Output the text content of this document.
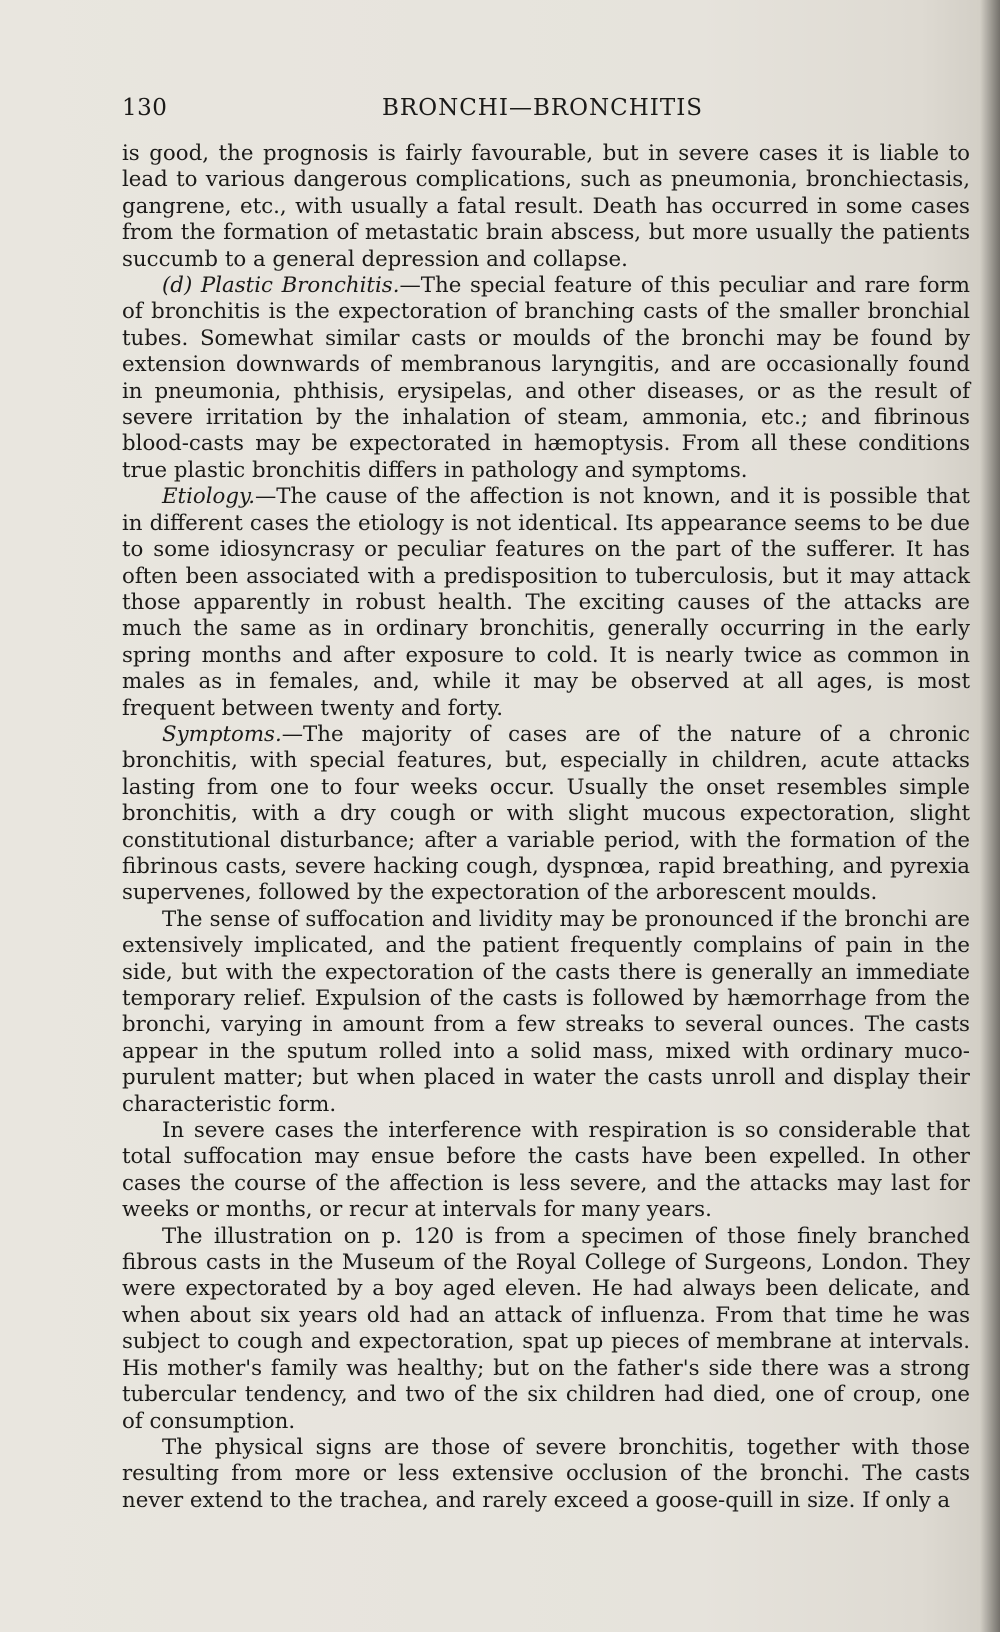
130	BRONCHI—BRONCHITIS

is good, the prognosis is fairly favourable, but in severe cases it is liable to lead to various dangerous complications, such as pneumonia, bronchiectasis, gangrene, etc., with usually a fatal result. Death has occurred in some cases from the formation of metastatic brain abscess, but more usually the patients succumb to a general depression and collapse.

(d) Plastic Bronchitis.—The special feature of this peculiar and rare form of bronchitis is the expectoration of branching casts of the smaller bronchial tubes. Somewhat similar casts or moulds of the bronchi may be found by extension downwards of membranous laryngitis, and are occasionally found in pneumonia, phthisis, erysipelas, and other diseases, or as the result of severe irritation by the inhalation of steam, ammonia, etc.; and fibrinous blood-casts may be expectorated in hæmoptysis. From all these conditions true plastic bronchitis differs in pathology and symptoms.

Etiology.—The cause of the affection is not known, and it is possible that in different cases the etiology is not identical. Its appearance seems to be due to some idiosyncrasy or peculiar features on the part of the sufferer. It has often been associated with a predisposition to tuberculosis, but it may attack those apparently in robust health. The exciting causes of the attacks are much the same as in ordinary bronchitis, generally occurring in the early spring months and after exposure to cold. It is nearly twice as common in males as in females, and, while it may be observed at all ages, is most frequent between twenty and forty.

Symptoms.—The majority of cases are of the nature of a chronic bronchitis, with special features, but, especially in children, acute attacks lasting from one to four weeks occur. Usually the onset resembles simple bronchitis, with a dry cough or with slight mucous expectoration, slight constitutional disturbance; after a variable period, with the formation of the fibrinous casts, severe hacking cough, dyspnœa, rapid breathing, and pyrexia supervenes, followed by the expectoration of the arborescent moulds.

The sense of suffocation and lividity may be pronounced if the bronchi are extensively implicated, and the patient frequently complains of pain in the side, but with the expectoration of the casts there is generally an immediate temporary relief. Expulsion of the casts is followed by hæmorrhage from the bronchi, varying in amount from a few streaks to several ounces. The casts appear in the sputum rolled into a solid mass, mixed with ordinary muco-purulent matter; but when placed in water the casts unroll and display their characteristic form.

In severe cases the interference with respiration is so considerable that total suffocation may ensue before the casts have been expelled. In other cases the course of the affection is less severe, and the attacks may last for weeks or months, or recur at intervals for many years.

The illustration on p. 120 is from a specimen of those finely branched fibrous casts in the Museum of the Royal College of Surgeons, London. They were expectorated by a boy aged eleven. He had always been delicate, and when about six years old had an attack of influenza. From that time he was subject to cough and expectoration, spat up pieces of membrane at intervals. His mother's family was healthy; but on the father's side there was a strong tubercular tendency, and two of the six children had died, one of croup, one of consumption.

The physical signs are those of severe bronchitis, together with those resulting from more or less extensive occlusion of the bronchi. The casts never extend to the trachea, and rarely exceed a goose-quill in size. If only a
